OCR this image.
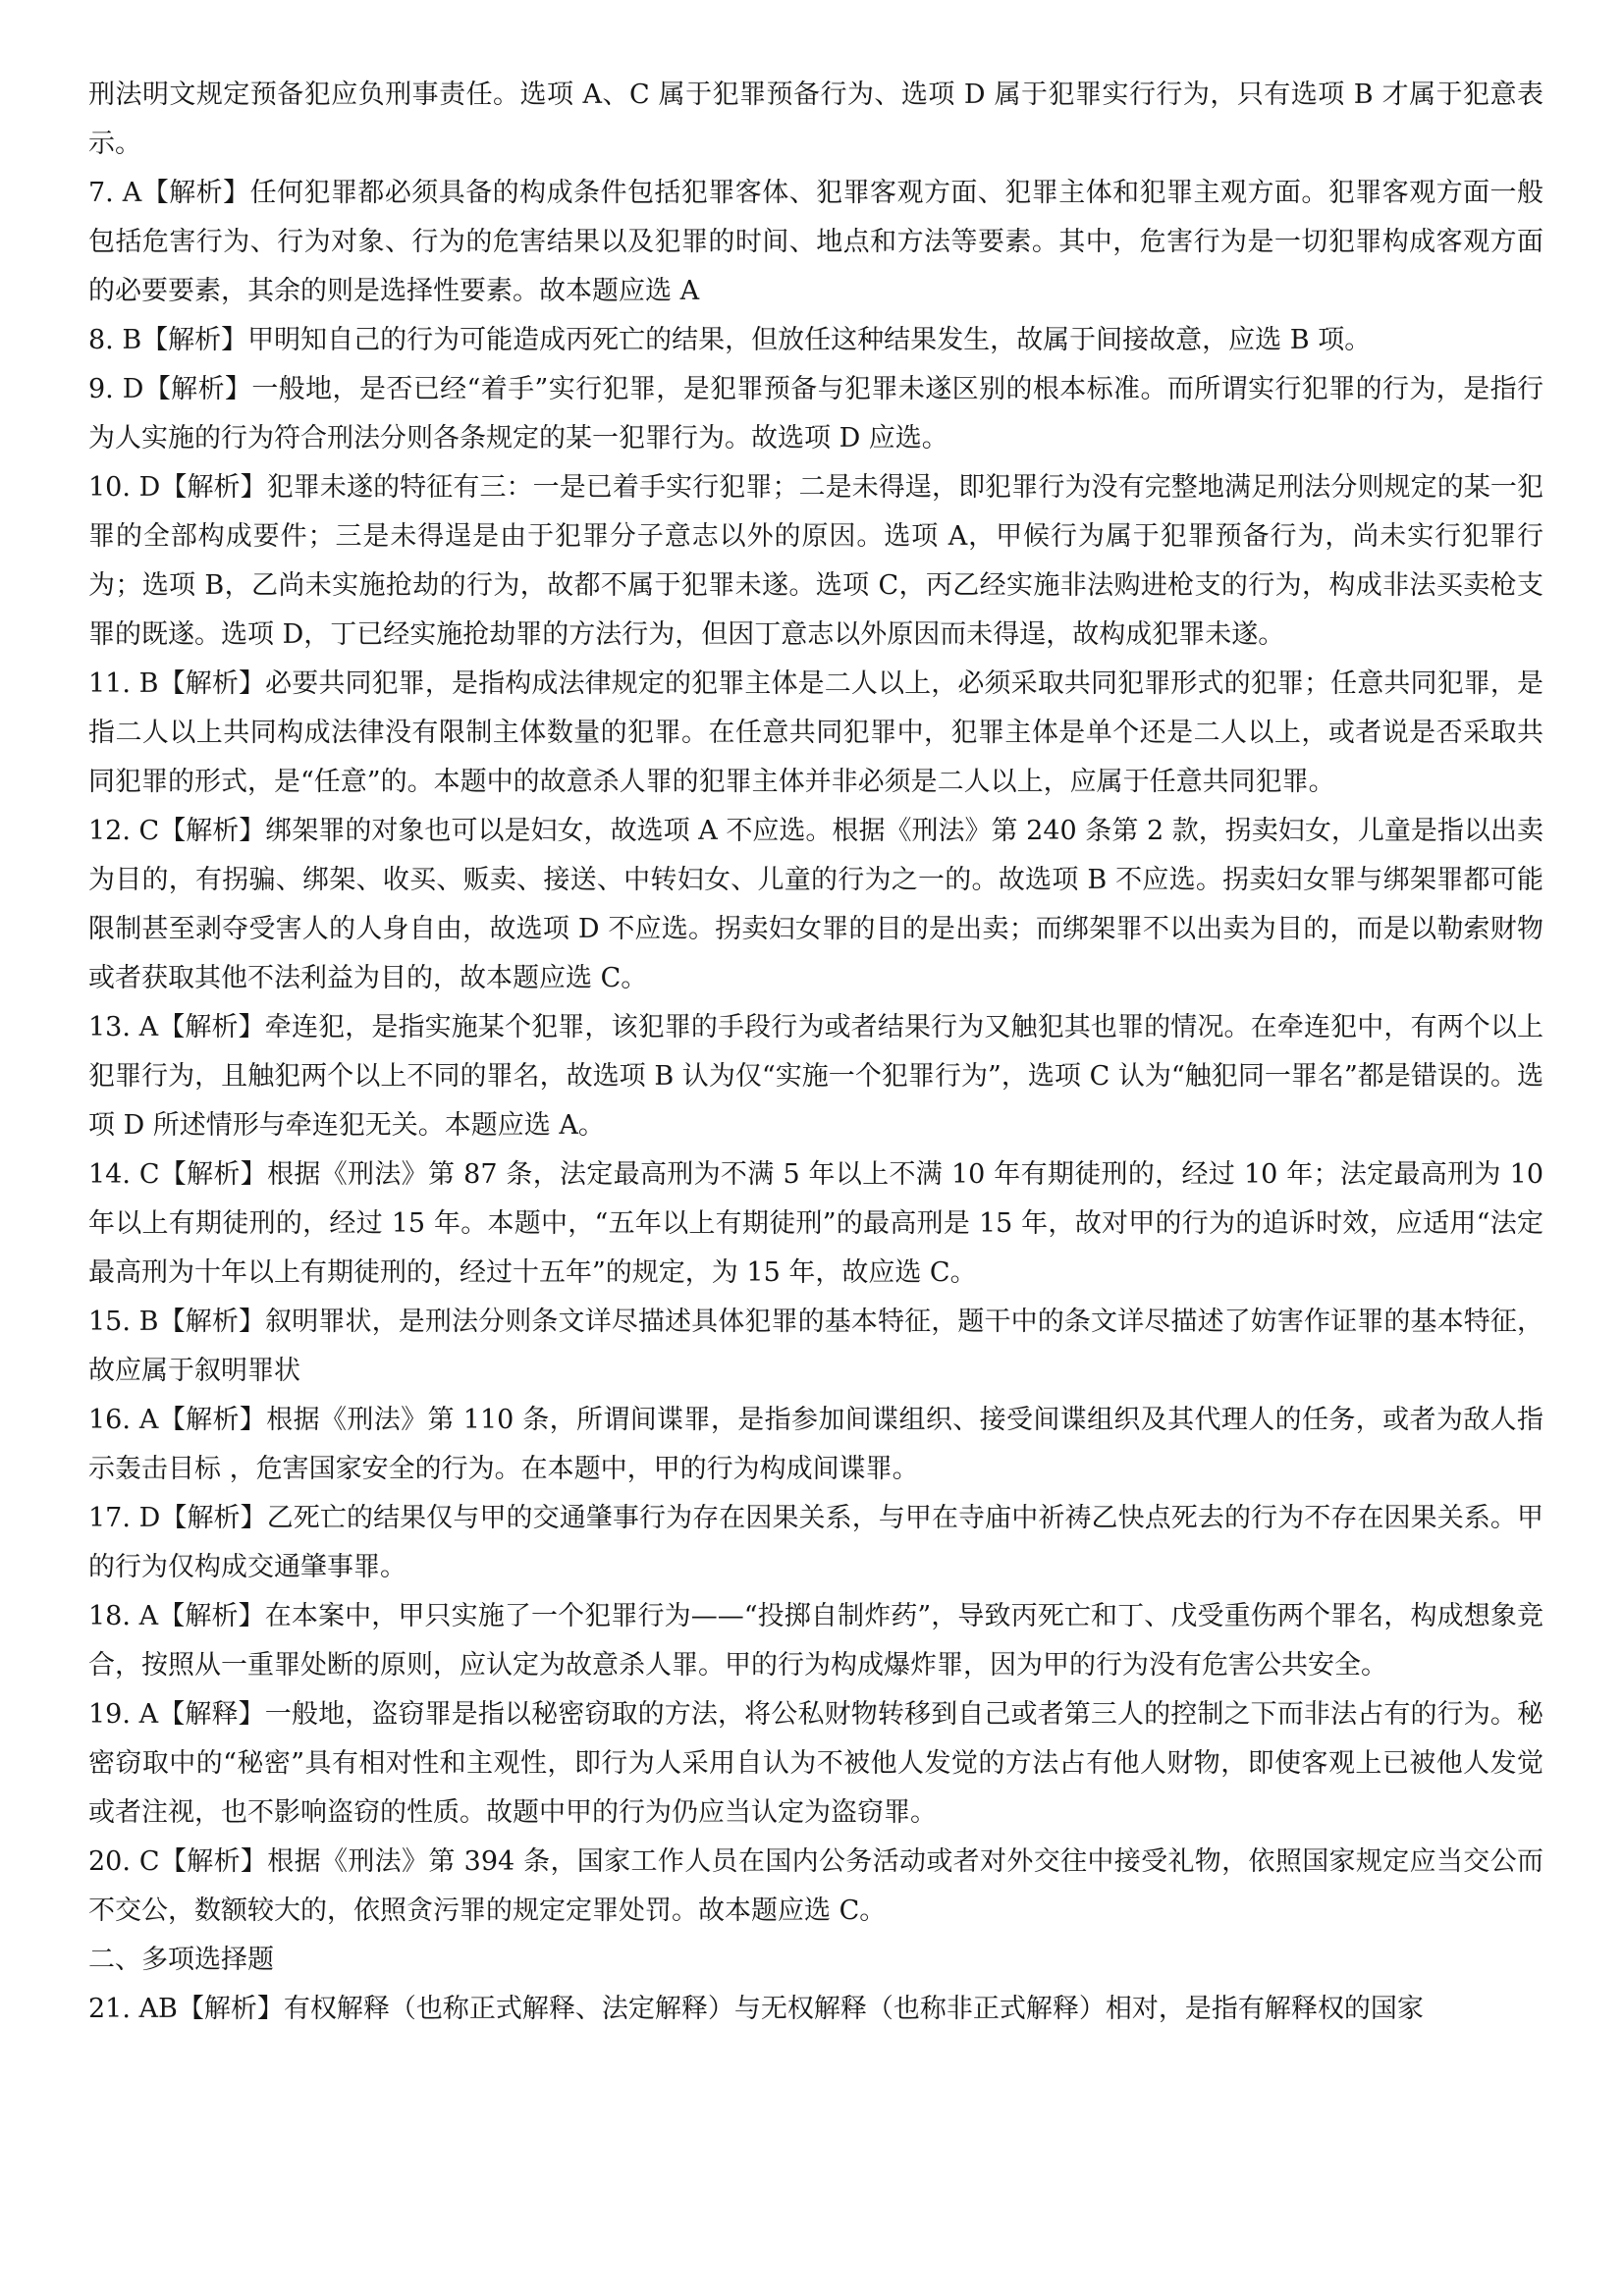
刑法明文规定预备犯应负刑事责任。选项 A、C 属于犯罪预备行为、选项 D 属于犯罪实行行为，只有选项 B 才属于犯意表示。

7. A【解析】任何犯罪都必须具备的构成条件包括犯罪客体、犯罪客观方面、犯罪主体和犯罪主观方面。犯罪客观方面一般包括危害行为、行为对象、行为的危害结果以及犯罪的时间、地点和方法等要素。其中，危害行为是一切犯罪构成客观方面的必要要素，其余的则是选择性要素。故本题应选 A

8. B【解析】甲明知自己的行为可能造成丙死亡的结果，但放任这种结果发生，故属于间接故意，应选 B 项。

9. D【解析】一般地，是否已经“着手”实行犯罪，是犯罪预备与犯罪未遂区别的根本标准。而所谓实行犯罪的行为，是指行为人实施的行为符合刑法分则各条规定的某一犯罪行为。故选项 D 应选。

10. D【解析】犯罪未遂的特征有三：一是已着手实行犯罪；二是未得逞，即犯罪行为没有完整地满足刑法分则规定的某一犯罪的全部构成要件；三是未得逞是由于犯罪分子意志以外的原因。选项 A，甲候行为属于犯罪预备行为，尚未实行犯罪行为；选项 B，乙尚未实施抢劫的行为，故都不属于犯罪未遂。选项 C，丙乙经实施非法购进枪支的行为，构成非法买卖枪支罪的既遂。选项 D，丁已经实施抢劫罪的方法行为，但因丁意志以外原因而未得逞，故构成犯罪未遂。

11. B【解析】必要共同犯罪，是指构成法律规定的犯罪主体是二人以上，必须采取共同犯罪形式的犯罪；任意共同犯罪，是指二人以上共同构成法律没有限制主体数量的犯罪。在任意共同犯罪中，犯罪主体是单个还是二人以上，或者说是否采取共同犯罪的形式，是“任意”的。本题中的故意杀人罪的犯罪主体并非必须是二人以上，应属于任意共同犯罪。

12. C【解析】绑架罪的对象也可以是妇女，故选项 A 不应选。根据《刑法》第 240 条第 2 款，拐卖妇女，儿童是指以出卖为目的，有拐骗、绑架、收买、贩卖、接送、中转妇女、儿童的行为之一的。故选项 B 不应选。拐卖妇女罪与绑架罪都可能限制甚至剥夺受害人的人身自由，故选项 D 不应选。拐卖妇女罪的目的是出卖；而绑架罪不以出卖为目的，而是以勒索财物或者获取其他不法利益为目的，故本题应选 C。

13. A【解析】牵连犯，是指实施某个犯罪，该犯罪的手段行为或者结果行为又触犯其也罪的情况。在牵连犯中，有两个以上犯罪行为，且触犯两个以上不同的罪名，故选项 B 认为仅“实施一个犯罪行为”，选项 C 认为“触犯同一罪名”都是错误的。选项 D 所述情形与牵连犯无关。本题应选 A。

14. C【解析】根据《刑法》第 87 条，法定最高刑为不满 5 年以上不满 10 年有期徒刑的，经过 10 年；法定最高刑为 10 年以上有期徒刑的，经过 15 年。本题中，“五年以上有期徒刑”的最高刑是 15 年，故对甲的行为的追诉时效，应适用“法定最高刑为十年以上有期徒刑的，经过十五年”的规定，为 15 年，故应选 C。

15. B【解析】叙明罪状，是刑法分则条文详尽描述具体犯罪的基本特征，题干中的条文详尽描述了妨害作证罪的基本特征，故应属于叙明罪状

16. A【解析】根据《刑法》第 110 条，所谓间谍罪，是指参加间谍组织、接受间谍组织及其代理人的任务，或者为敌人指示轰击目标 ，危害国家安全的行为。在本题中，甲的行为构成间谍罪。

17. D【解析】乙死亡的结果仅与甲的交通肇事行为存在因果关系，与甲在寺庙中祈祷乙快点死去的行为不存在因果关系。甲的行为仅构成交通肇事罪。

18. A【解析】在本案中，甲只实施了一个犯罪行为——“投掷自制炸药”，导致丙死亡和丁、戊受重伤两个罪名，构成想象竞合，按照从一重罪处断的原则，应认定为故意杀人罪。甲的行为构成爆炸罪，因为甲的行为没有危害公共安全。

19. A【解释】一般地，盗窃罪是指以秘密窃取的方法，将公私财物转移到自己或者第三人的控制之下而非法占有的行为。秘密窃取中的“秘密”具有相对性和主观性，即行为人采用自认为不被他人发觉的方法占有他人财物，即使客观上已被他人发觉或者注视，也不影响盗窃的性质。故题中甲的行为仍应当认定为盗窃罪。

20. C【解析】根据《刑法》第 394 条，国家工作人员在国内公务活动或者对外交往中接受礼物，依照国家规定应当交公而不交公，数额较大的，依照贪污罪的规定定罪处罚。故本题应选 C。

二、多项选择题

21. AB【解析】有权解释（也称正式解释、法定解释）与无权解释（也称非正式解释）相对，是指有解释权的国家
